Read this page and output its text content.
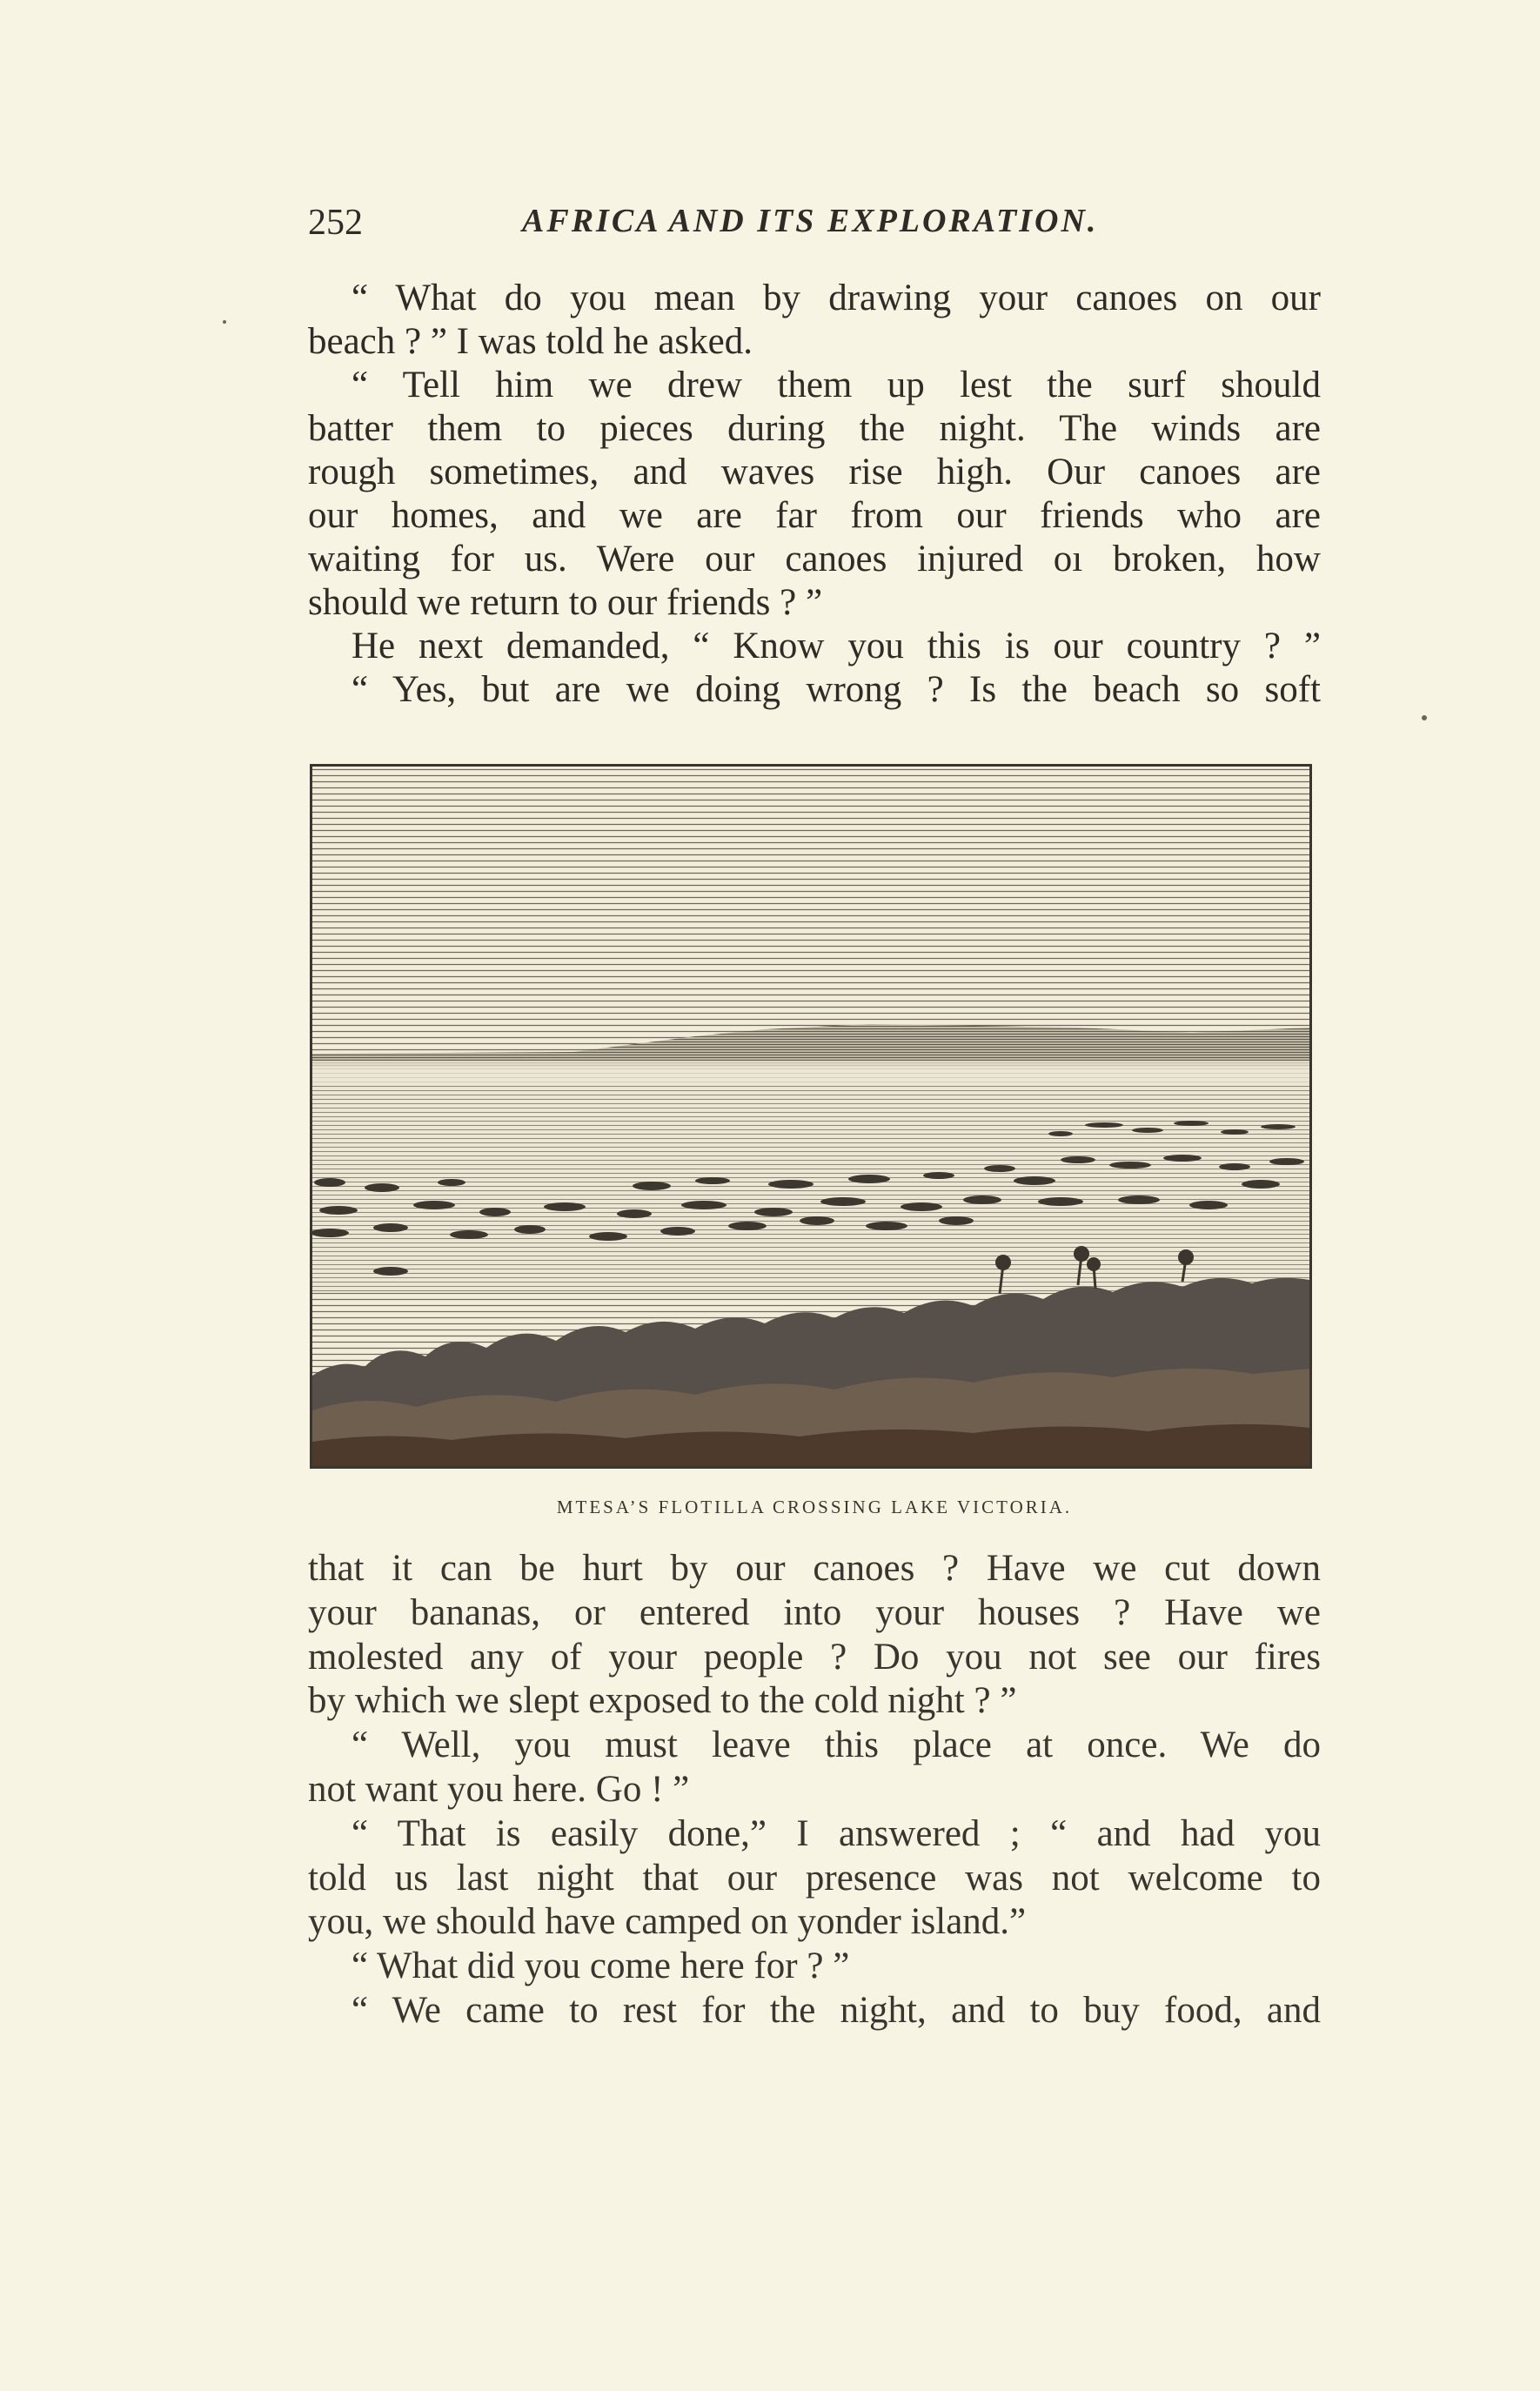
252	AFRICA AND ITS EXPLORATION.
“ What do you mean by drawing your canoes on our
beach ? ” I was told he asked.
“ Tell him we drew them up lest the surf should
batter them to pieces during the night. The winds are
rough sometimes, and waves rise high. Our canoes are
our homes, and we are far from our friends who are
waiting for us. Were our canoes injured oı broken, how
should we return to our friends ? ”
He next demanded, “ Know you this is our country ? ”
“ Yes, but are we doing wrong ? Is the beach so soft
MTESA’S FLOTILLA CROSSING LAKE VICTORIA.
that it can be hurt by our canoes ? Have we cut down
your bananas, or entered into your houses ? Have we
molested any of your people ? Do you not see our fires
by which we slept exposed to the cold night ? ”
“ Well, you must leave this place at once. We do
not want you here. Go ! ”
“ That is easily done,” I answered ; “ and had you
told us last night that our presence was not welcome to
you, we should have camped on yonder island.”
“ What did you come here for ? ”
“ We came to rest for the night, and to buy food, and
